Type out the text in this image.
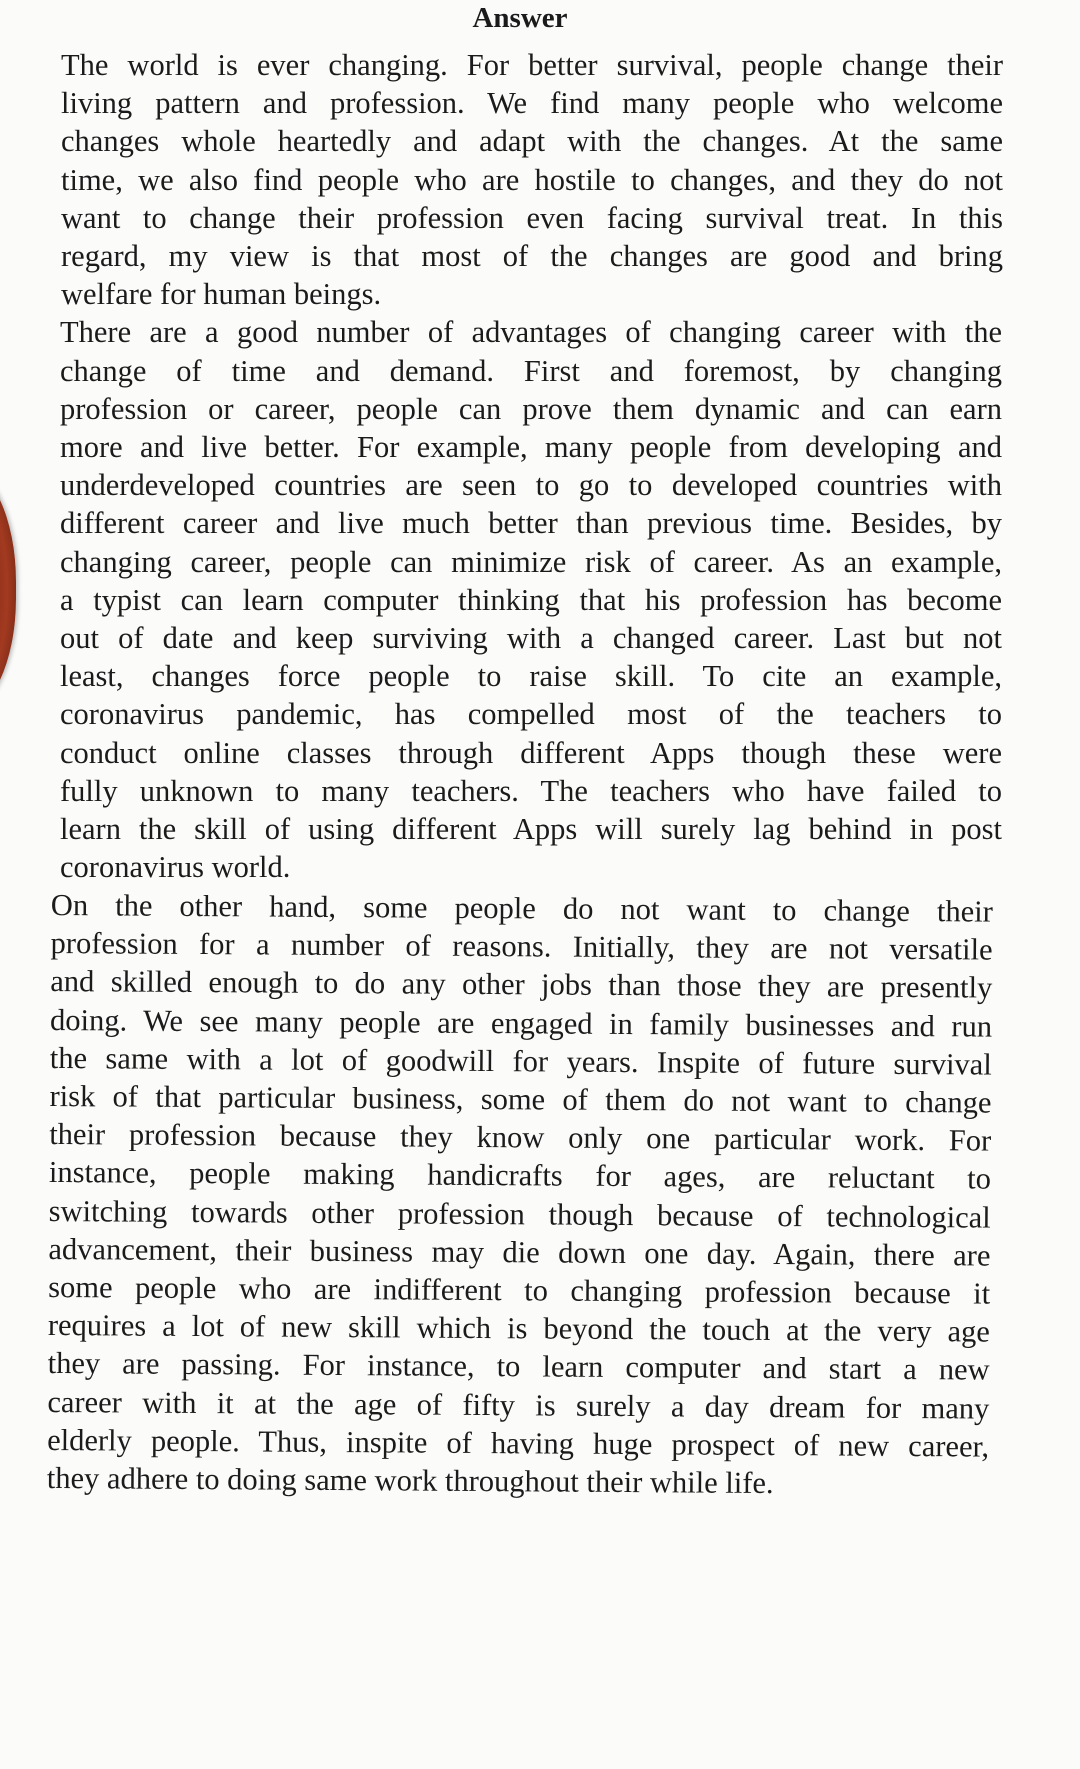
Answer

The world is ever changing. For better survival, people change their
living pattern and profession. We find many people who welcome
changes whole heartedly and adapt with the changes. At the same
time, we also find people who are hostile to changes, and they do not
want to change their profession even facing survival treat. In this
regard, my view is that most of the changes are good and bring
welfare for human beings.

There are a good number of advantages of changing career with the
change of time and demand. First and foremost, by changing
profession or career, people can prove them dynamic and can earn
more and live better. For example, many people from developing and
underdeveloped countries are seen to go to developed countries with
different career and live much better than previous time. Besides, by
changing career, people can minimize risk of career. As an example,
a typist can learn computer thinking that his profession has become
out of date and keep surviving with a changed career. Last but not
least, changes force people to raise skill. To cite an example,
coronavirus pandemic, has compelled most of the teachers to
conduct online classes through different Apps though these were
fully unknown to many teachers. The teachers who have failed to
learn the skill of using different Apps will surely lag behind in post
coronavirus world.

On the other hand, some people do not want to change their
profession for a number of reasons. Initially, they are not versatile
and skilled enough to do any other jobs than those they are presently
doing. We see many people are engaged in family businesses and run
the same with a lot of goodwill for years. Inspite of future survival
risk of that particular business, some of them do not want to change
their profession because they know only one particular work. For
instance, people making handicrafts for ages, are reluctant to
switching towards other profession though because of technological
advancement, their business may die down one day. Again, there are
some people who are indifferent to changing profession because it
requires a lot of new skill which is beyond the touch at the very age
they are passing. For instance, to learn computer and start a new
career with it at the age of fifty is surely a day dream for many
elderly people. Thus, inspite of having huge prospect of new career,
they adhere to doing same work throughout their while life.
